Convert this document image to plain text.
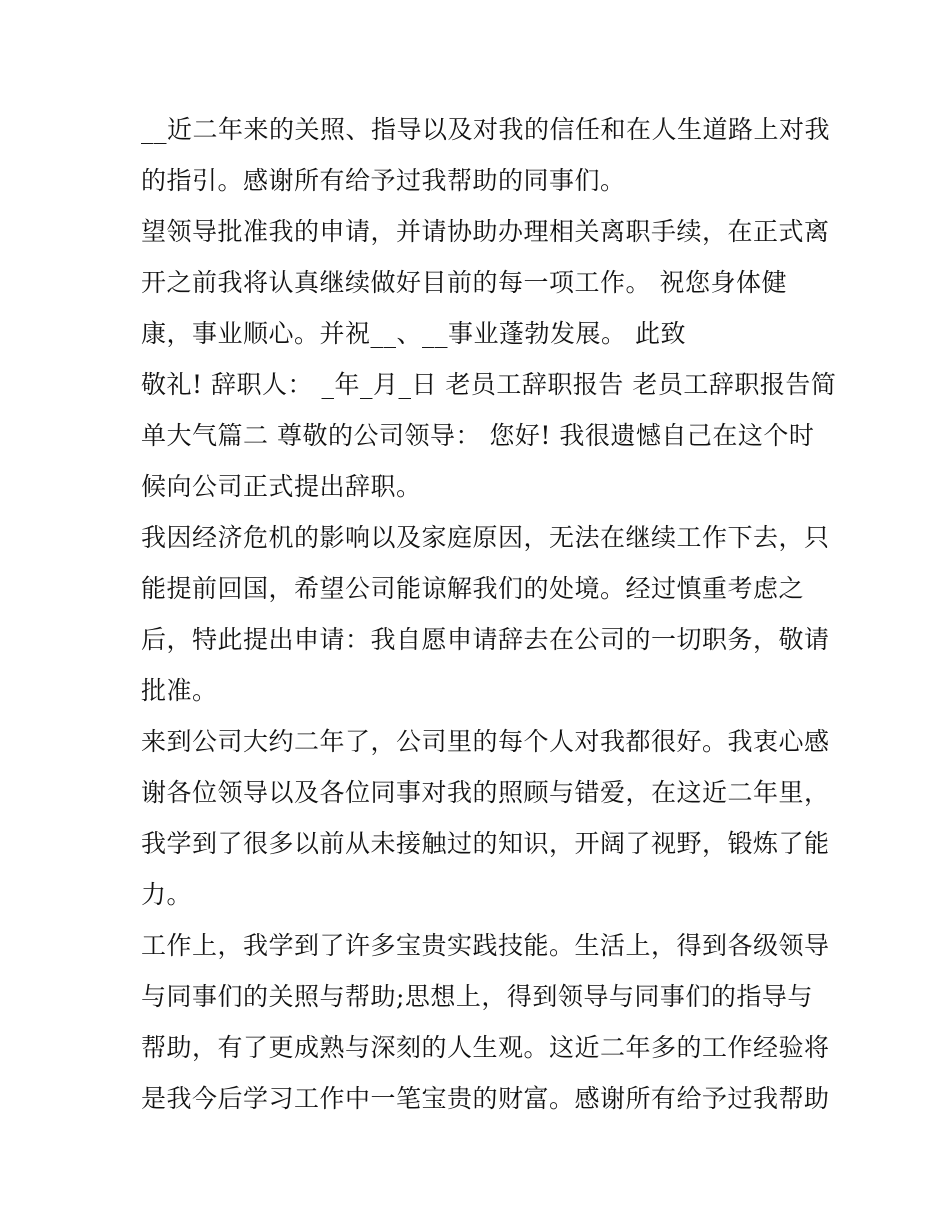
__近二年来的关照、指导以及对我的信任和在人生道路上对我
的指引。感谢所有给予过我帮助的同事们。
望领导批准我的申请，并请协助办理相关离职手续，在正式离
开之前我将认真继续做好目前的每一项工作。 祝您身体健
康，事业顺心。并祝__、__事业蓬勃发展。 此致
敬礼! 辞职人： _年_月_日 老员工辞职报告 老员工辞职报告简
单大气篇二 尊敬的公司领导： 您好! 我很遗憾自己在这个时
候向公司正式提出辞职。
我因经济危机的影响以及家庭原因，无法在继续工作下去，只
能提前回国，希望公司能谅解我们的处境。经过慎重考虑之
后，特此提出申请：我自愿申请辞去在公司的一切职务，敬请
批准。
来到公司大约二年了，公司里的每个人对我都很好。我衷心感
谢各位领导以及各位同事对我的照顾与错爱，在这近二年里，
我学到了很多以前从未接触过的知识，开阔了视野，锻炼了能
力。
工作上，我学到了许多宝贵实践技能。生活上，得到各级领导
与同事们的关照与帮助;思想上，得到领导与同事们的指导与
帮助，有了更成熟与深刻的人生观。这近二年多的工作经验将
是我今后学习工作中一笔宝贵的财富。感谢所有给予过我帮助
